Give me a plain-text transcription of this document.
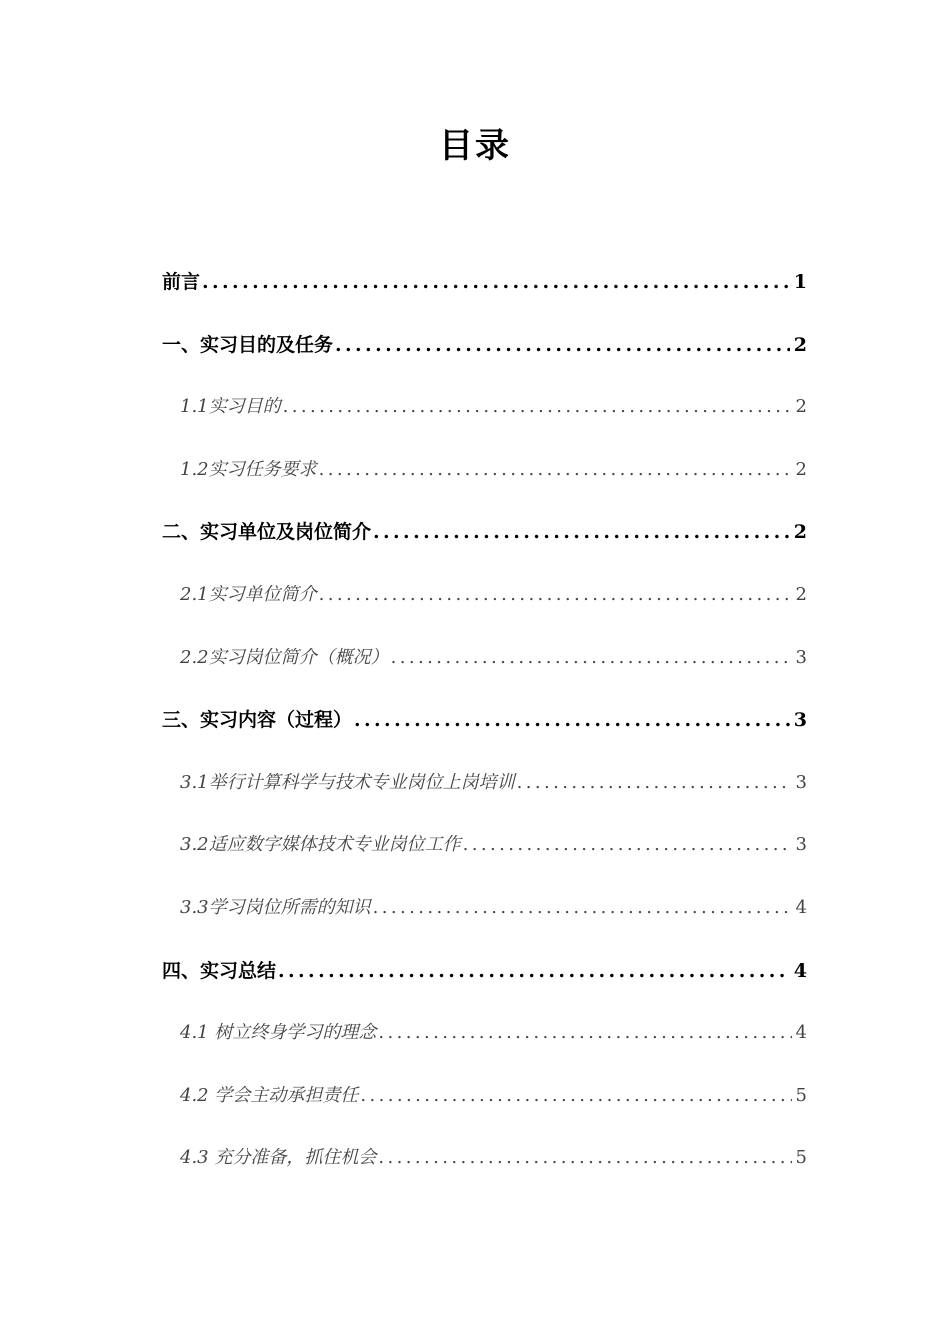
目录
前言 .....	1
一、实习目的及任务 .....	2
1.1实习目的 .....	2
1.2实习任务要求 .....	2
二、实习单位及岗位简介 .....	2
2.1实习单位简介 .....	2
2.2实习岗位简介（概况） .....	3
三、实习内容（过程） .....	3
3.1举行计算科学与技术专业岗位上岗培训 .....	3
3.2适应数字媒体技术专业岗位工作 .....	3
3.3学习岗位所需的知识 .....	4
四、实习总结 .....	4
4.1 树立终身学习的理念 .....	4
4.2 学会主动承担责任 .....	5
4.3 充分准备，抓住机会 .....	5
